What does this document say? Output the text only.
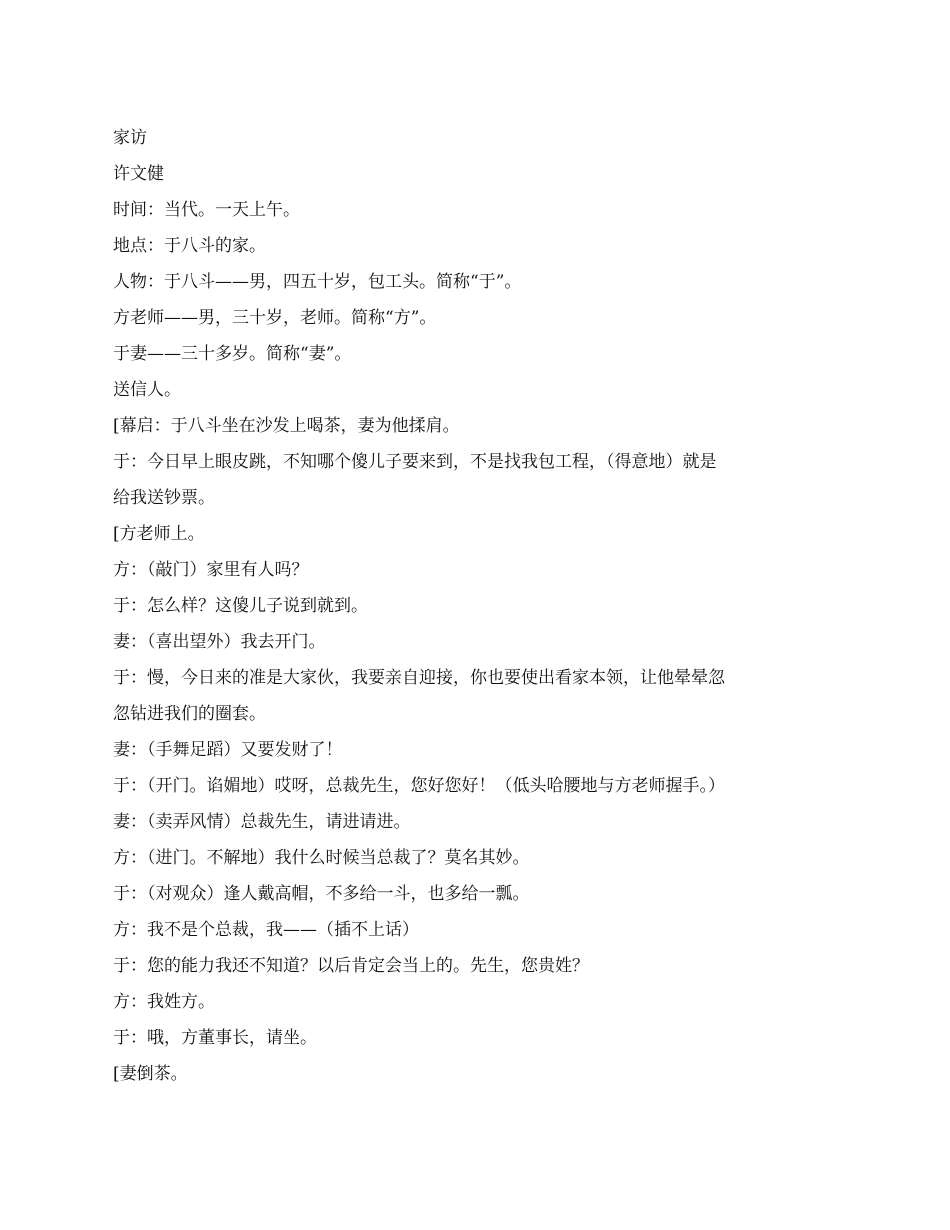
家访

许文健

时间：当代。一天上午。

地点：于八斗的家。

人物：于八斗——男，四五十岁，包工头。简称“于”。

方老师——男，三十岁，老师。简称“方”。

于妻——三十多岁。简称“妻”。

送信人。

[幕启：于八斗坐在沙发上喝茶，妻为他揉肩。

于：今日早上眼皮跳，不知哪个傻儿子要来到，不是找我包工程，（得意地）就是给我送钞票。

[方老师上。

方：（敲门）家里有人吗？

于：怎么样？这傻儿子说到就到。

妻：（喜出望外）我去开门。

于：慢，今日来的准是大家伙，我要亲自迎接，你也要使出看家本领，让他晕晕忽忽钻进我们的圈套。

妻：（手舞足蹈）又要发财了！

于：（开门。谄媚地）哎呀，总裁先生，您好您好！（低头哈腰地与方老师握手。）

妻：（卖弄风情）总裁先生，请进请进。

方：（进门。不解地）我什么时候当总裁了？莫名其妙。

于：（对观众）逢人戴高帽，不多给一斗，也多给一瓢。

方：我不是个总裁，我——（插不上话）

于：您的能力我还不知道？以后肯定会当上的。先生，您贵姓？

方：我姓方。

于：哦，方董事长，请坐。

[妻倒茶。
